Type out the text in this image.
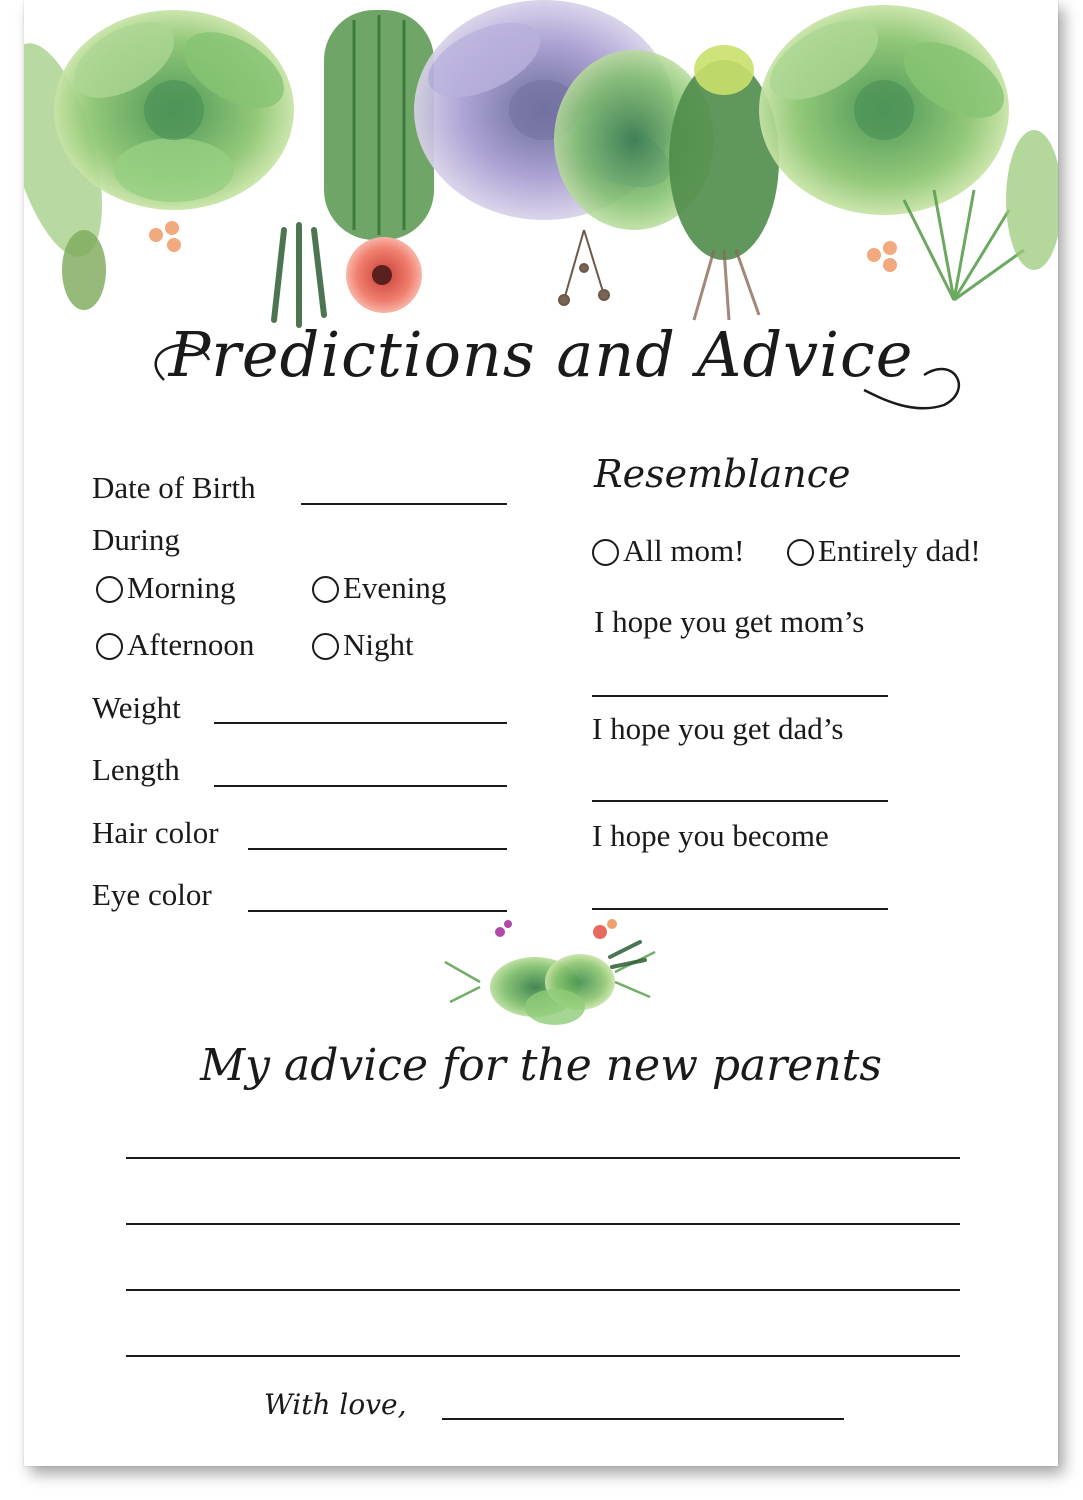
Predictions and Advice
Date of Birth
During
Morning	Evening
Afternoon	Night
Weight
Length
Hair color
Eye color
Resemblance
All mom!	Entirely dad!
I hope you get mom’s
I hope you get dad’s
I hope you become
My advice for the new parents
With love,
